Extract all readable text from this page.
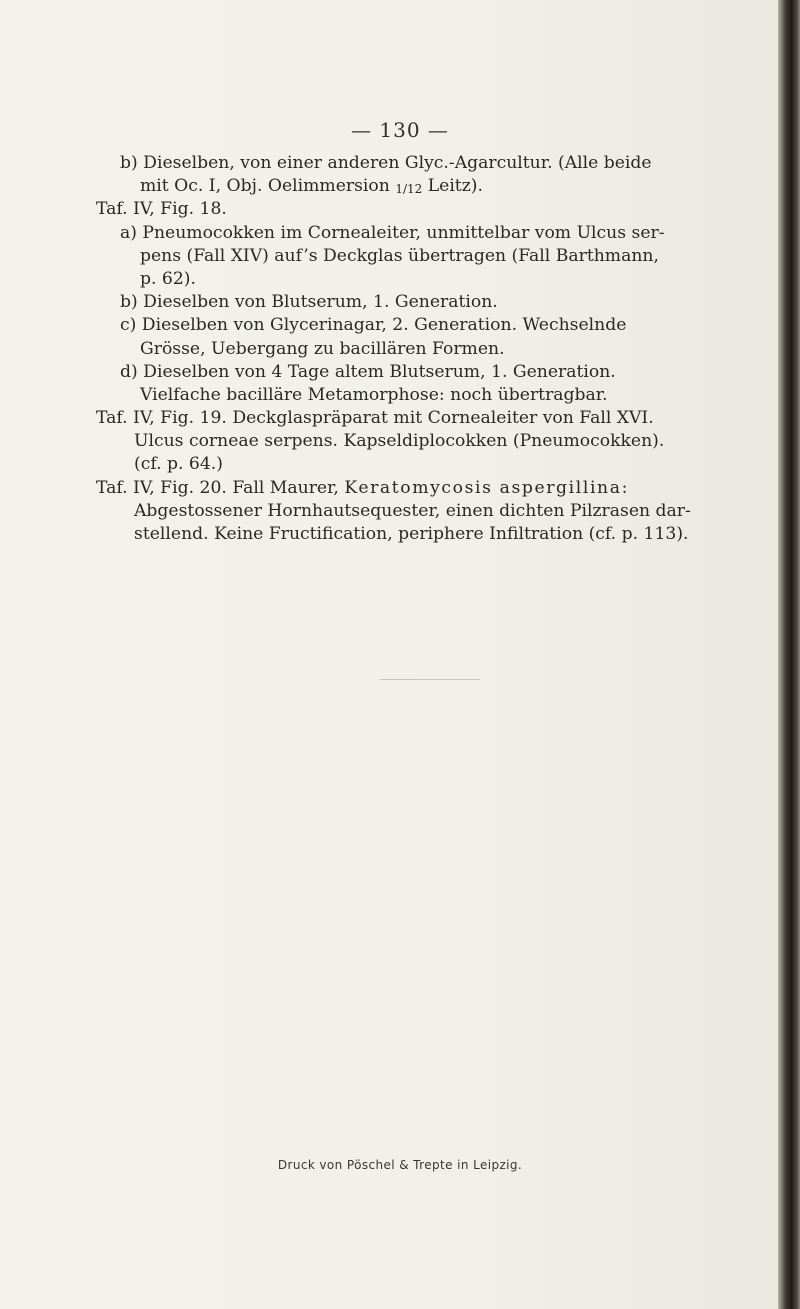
— 130 —
b) Dieselben, von einer anderen Glyc.-Agarcultur. (Alle beide
mit Oc. I, Obj. Oelimmersion 1/12 Leitz).
Taf. IV, Fig. 18.
a) Pneumocokken im Cornealeiter, unmittelbar vom Ulcus ser-
pens (Fall XIV) auf’s Deckglas übertragen (Fall Barthmann,
p. 62).
b) Dieselben von Blutserum, 1. Generation.
c) Dieselben von Glycerinagar, 2. Generation. Wechselnde
Grösse, Uebergang zu bacillären Formen.
d) Dieselben von 4 Tage altem Blutserum, 1. Generation.
Vielfache bacilläre Metamorphose: noch übertragbar.
Taf. IV, Fig. 19. Deckglaspräparat mit Cornealeiter von Fall XVI.
Ulcus corneae serpens. Kapseldiplocokken (Pneumocokken).
(cf. p. 64.)
Taf. IV, Fig. 20. Fall Maurer, Keratomycosis aspergillina:
Abgestossener Hornhautsequester, einen dichten Pilzrasen dar-
stellend. Keine Fructification, periphere Infiltration (cf. p. 113).
Druck von Pöschel & Trepte in Leipzig.
